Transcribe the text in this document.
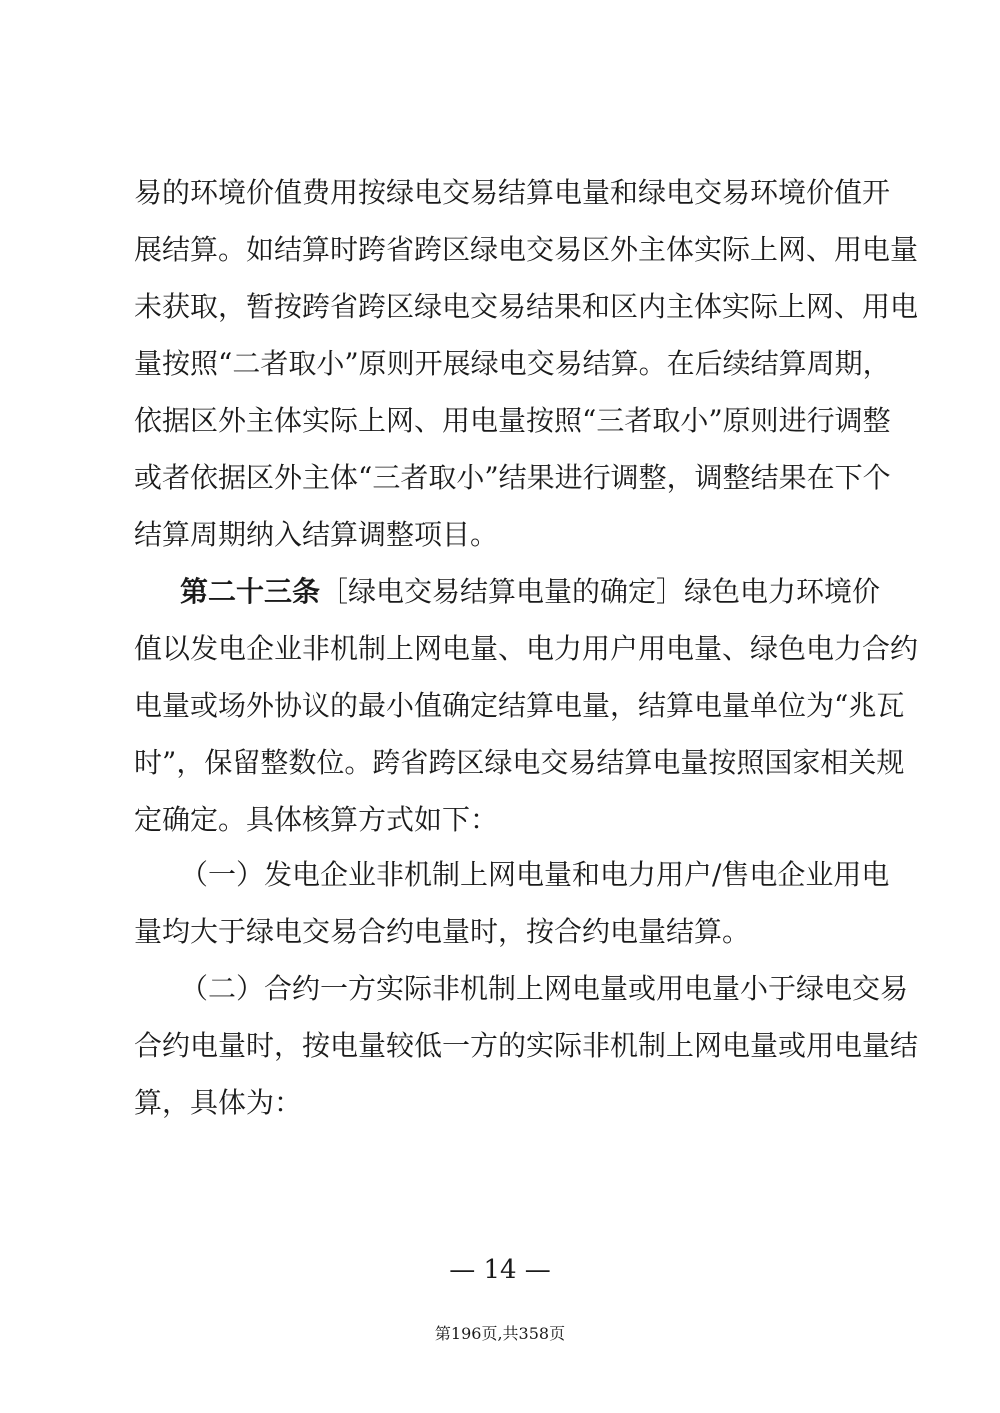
易的环境价值费用按绿电交易结算电量和绿电交易环境价值开
展结算。如结算时跨省跨区绿电交易区外主体实际上网、用电量
未获取，暂按跨省跨区绿电交易结果和区内主体实际上网、用电
量按照“二者取小”原则开展绿电交易结算。在后续结算周期，
依据区外主体实际上网、用电量按照“三者取小”原则进行调整
或者依据区外主体“三者取小”结果进行调整，调整结果在下个
结算周期纳入结算调整项目。
第二十三条 ［绿电交易结算电量的确定］绿色电力环境价
值以发电企业非机制上网电量、电力用户用电量、绿色电力合约
电量或场外协议的最小值确定结算电量，结算电量单位为“兆瓦
时”，保留整数位。跨省跨区绿电交易结算电量按照国家相关规
定确定。具体核算方式如下：
（一）发电企业非机制上网电量和电力用户/售电企业用电
量均大于绿电交易合约电量时，按合约电量结算。
（二）合约一方实际非机制上网电量或用电量小于绿电交易
合约电量时，按电量较低一方的实际非机制上网电量或用电量结
算，具体为：
— 14 —
第196页,共358页
